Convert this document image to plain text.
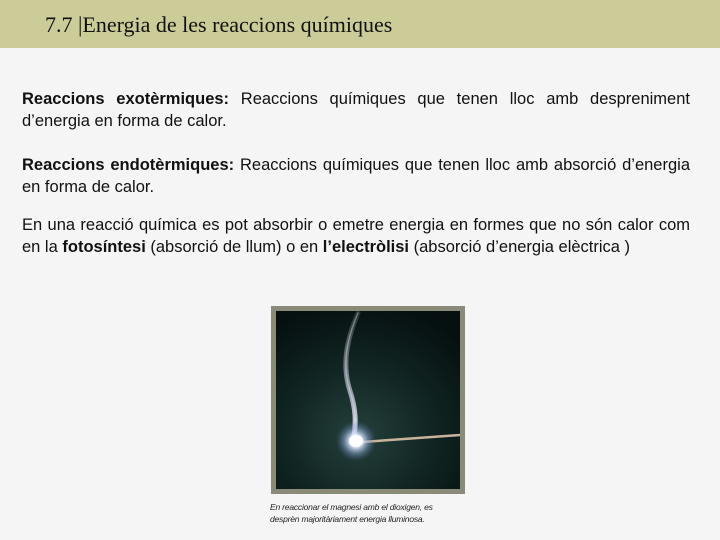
7.7 |Energia de les reaccions químiques
Reaccions exotèrmiques: Reaccions químiques que tenen lloc amb despreniment d’energia en forma de calor.
Reaccions endotèrmiques: Reaccions químiques que tenen lloc amb absorció d’energia en forma de calor.
En una reacció química es pot absorbir o emetre energia en formes que no són calor com en la fotosíntesi (absorció de llum) o en l’electròlisi (absorció d’energia elèctrica )
En reaccionar el magnesi amb el dioxigen, es
desprèn majoritàriament energia lluminosa.
